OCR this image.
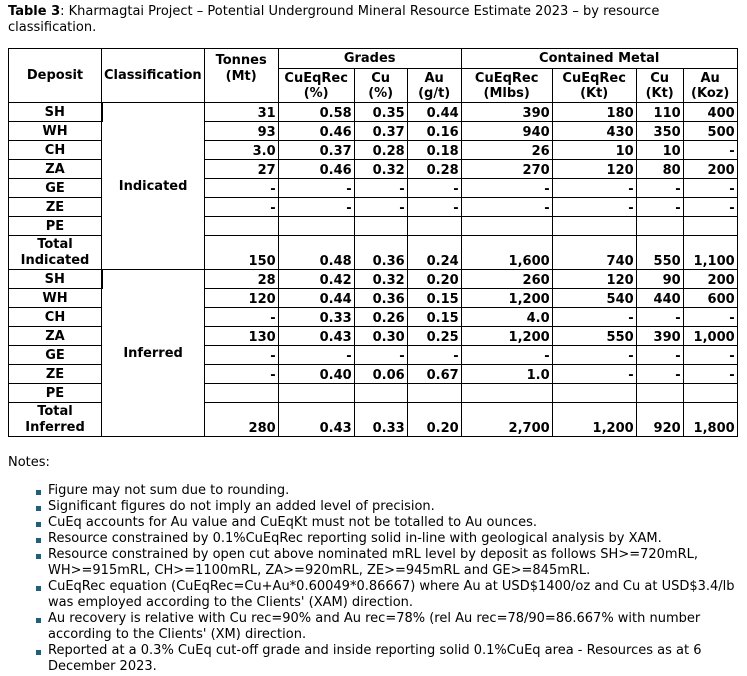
Table 3: Kharmagtai Project – Potential Underground Mineral Resource Estimate 2023 – by resource classification.
Deposit	Classification	Tonnes (Mt)	Grades			Contained Metal			
			CuEqRec (%)	Cu (%)	Au (g/t)	CuEqRec (Mlbs)	CuEqRec (Kt)	Cu (Kt)	Au (Koz)
SH	Indicated	31	0.58	0.35	0.44	390	180	110	400
WH		93	0.46	0.37	0.16	940	430	350	500
CH		3.0	0.37	0.28	0.18	26	10	10	-
ZA		27	0.46	0.32	0.28	270	120	80	200
GE		-	-	-	-	-	-	-	-
ZE		-	-	-	-	-	-	-	-
PE									
Total Indicated		150	0.48	0.36	0.24	1,600	740	550	1,100
SH	Inferred	28	0.42	0.32	0.20	260	120	90	200
WH		120	0.44	0.36	0.15	1,200	540	440	600
CH		-	0.33	0.26	0.15	4.0	-	-	-
ZA		130	0.43	0.30	0.25	1,200	550	390	1,000
GE		-	-	-	-	-	-	-	-
ZE		-	0.40	0.06	0.67	1.0	-	-	-
PE									
Total Inferred		280	0.43	0.33	0.20	2,700	1,200	920	1,800
Notes:
Figure may not sum due to rounding.
Significant figures do not imply an added level of precision.
CuEq accounts for Au value and CuEqKt must not be totalled to Au ounces.
Resource constrained by 0.1%CuEqRec reporting solid in-line with geological analysis by XAM.
Resource constrained by open cut above nominated mRL level by deposit as follows SH>=720mRL, WH>=915mRL, CH>=1100mRL, ZA>=920mRL, ZE>=945mRL and GE>=845mRL.
CuEqRec equation (CuEqRec=Cu+Au*0.60049*0.86667) where Au at USD$1400/oz and Cu at USD$3.4/lb was employed according to the Clients' (XAM) direction.
Au recovery is relative with Cu rec=90% and Au rec=78% (rel Au rec=78/90=86.667% with number according to the Clients' (XM) direction.
Reported at a 0.3% CuEq cut-off grade and inside reporting solid 0.1%CuEq area - Resources as at 6 December 2023.
